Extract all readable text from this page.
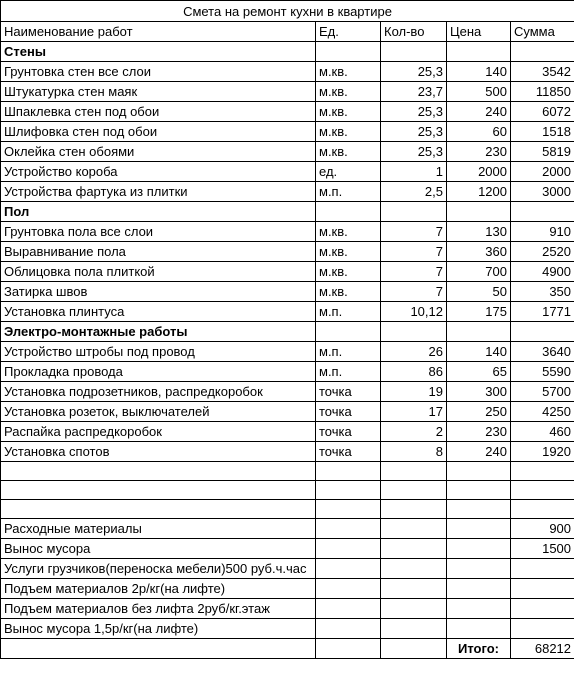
Смета на ремонт кухни в квартире				
Наименование работ	Ед.	Кол-во	Цена	Сумма
Стены				
Грунтовка стен все слои	м.кв.	25,3	140	3542
Штукатурка стен маяк	м.кв.	23,7	500	11850
Шпаклевка стен под обои	м.кв.	25,3	240	6072
Шлифовка стен под обои	м.кв.	25,3	60	1518
Оклейка стен обоями	м.кв.	25,3	230	5819
Устройство короба	ед.	1	2000	2000
Устройства фартука из плитки	м.п.	2,5	1200	3000
Пол				
Грунтовка пола все слои	м.кв.	7	130	910
Выравнивание пола	м.кв.	7	360	2520
Облицовка пола плиткой	м.кв.	7	700	4900
Затирка швов	м.кв.	7	50	350
Установка плинтуса	м.п.	10,12	175	1771
Электро-монтажные работы				
Устройство штробы под провод	м.п.	26	140	3640
Прокладка провода	м.п.	86	65	5590
Установка подрозетников, распредкоробок	точка	19	300	5700
Установка розеток, выключателей	точка	17	250	4250
Распайка распредкоробок	точка	2	230	460
Установка спотов	точка	8	240	1920

Расходные материалы				900
Вынос мусора				1500
Услуги грузчиков(переноска мебели)500 руб.ч.час				
Подъем материалов 2р/кг(на лифте)				
Подъем материалов без лифта 2руб/кг.этаж				
Вынос мусора 1,5р/кг(на лифте)				
			Итого:	68212
